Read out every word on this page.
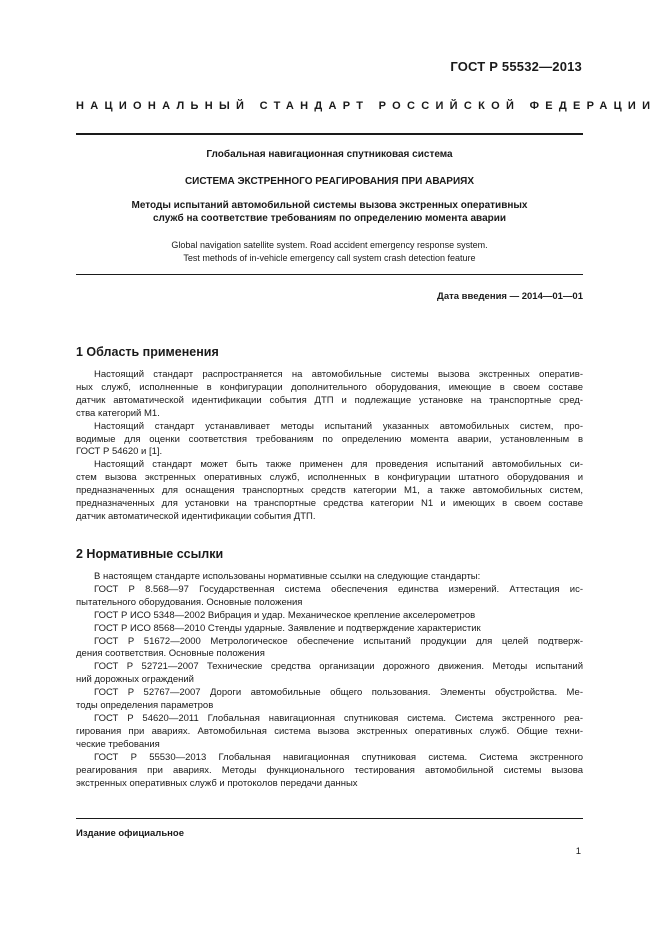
ГОСТ Р 55532—2013
НАЦИОНАЛЬНЫЙ СТАНДАРТ РОССИЙСКОЙ ФЕДЕРАЦИИ
Глобальная навигационная спутниковая система
СИСТЕМА ЭКСТРЕННОГО РЕАГИРОВАНИЯ ПРИ АВАРИЯХ
Методы испытаний автомобильной системы вызова экстренных оперативных
служб на соответствие требованиям по определению момента аварии
Global navigation satellite system. Road accident emergency response system.
Test methods of in-vehicle emergency call system crash detection feature
Дата введения — 2014—01—01
1 Область применения
Настоящий стандарт распространяется на автомобильные системы вызова экстренных оператив-
ных служб, исполненные в конфигурации дополнительного оборудования, имеющие в своем составе
датчик автоматической идентификации события ДТП и подлежащие установке на транспортные сред-
ства категорий М1.
Настоящий стандарт устанавливает методы испытаний указанных автомобильных систем, про-
водимые для оценки соответствия требованиям по определению момента аварии, установленным в
ГОСТ Р 54620 и [1].
Настоящий стандарт может быть также применен для проведения испытаний автомобильных си-
стем вызова экстренных оперативных служб, исполненных в конфигурации штатного оборудования и
предназначенных для оснащения транспортных средств категории М1, а также автомобильных систем,
предназначенных для установки на транспортные средства категории N1 и имеющих в своем составе
датчик автоматической идентификации события ДТП.
2 Нормативные ссылки
В настоящем стандарте использованы нормативные ссылки на следующие стандарты:
ГОСТ Р 8.568—97 Государственная система обеспечения единства измерений. Аттестация ис-
пытательного оборудования. Основные положения
ГОСТ Р ИСО 5348—2002 Вибрация и удар. Механическое крепление акселерометров
ГОСТ Р ИСО 8568—2010 Стенды ударные. Заявление и подтверждение характеристик
ГОСТ Р 51672—2000 Метрологическое обеспечение испытаний продукции для целей подтверж-
дения соответствия. Основные положения
ГОСТ Р 52721—2007 Технические средства организации дорожного движения. Методы испытаний
ний дорожных ограждений
ГОСТ Р 52767—2007 Дороги автомобильные общего пользования. Элементы обустройства. Ме-
тоды определения параметров
ГОСТ Р 54620—2011 Глобальная навигационная спутниковая система. Система экстренного реа-
гирования при авариях. Автомобильная система вызова экстренных оперативных служб. Общие техни-
ческие требования
ГОСТ Р 55530—2013 Глобальная навигационная спутниковая система. Система экстренного
реагирования при авариях. Методы функционального тестирования автомобильной системы вызова
экстренных оперативных служб и протоколов передачи данных
Издание официальное
1
